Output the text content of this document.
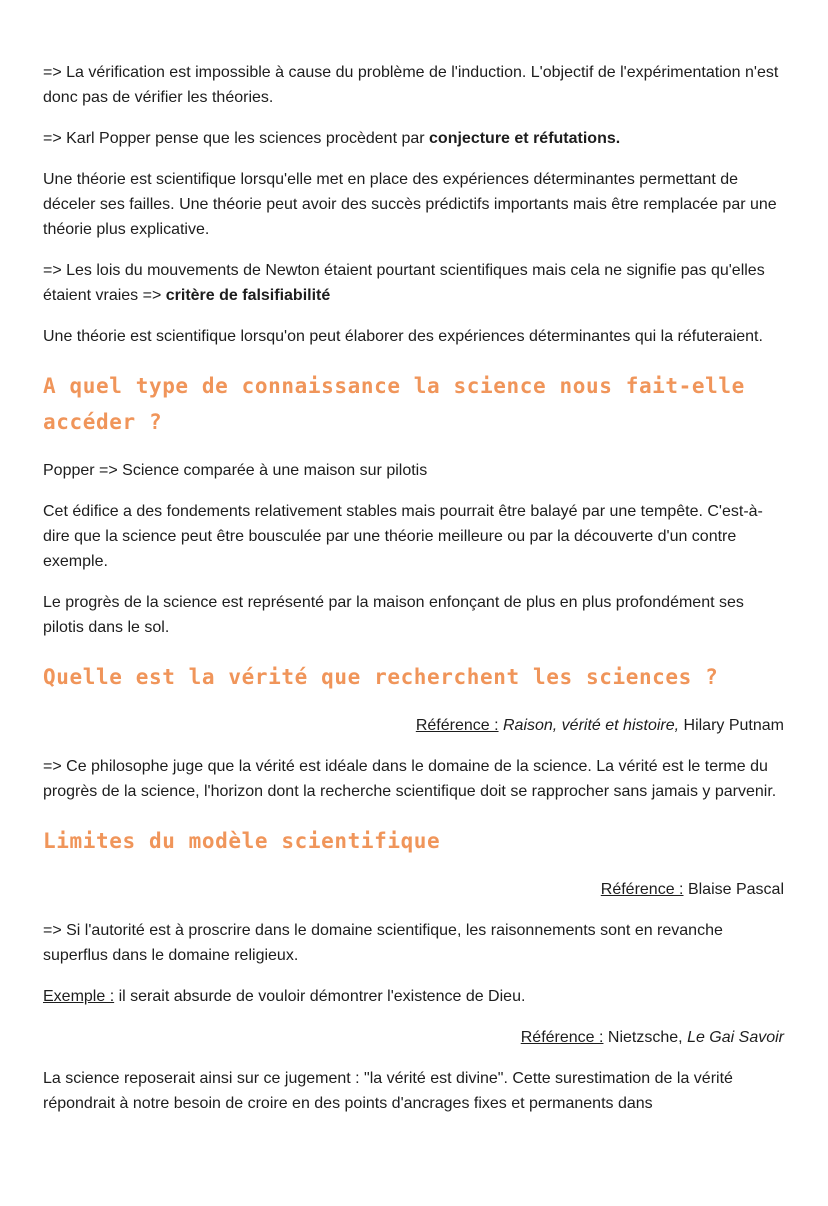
=> La vérification est impossible à cause du problème de l'induction. L'objectif de l'expérimentation n'est donc pas de vérifier les théories.

=> Karl Popper pense que les sciences procèdent par conjecture et réfutations.

Une théorie est scientifique lorsqu'elle met en place des expériences déterminantes permettant de déceler ses failles. Une théorie peut avoir des succès prédictifs importants mais être remplacée par une théorie plus explicative.

=> Les lois du mouvements de Newton étaient pourtant scientifiques mais cela ne signifie pas qu'elles étaient vraies => critère de falsifiabilité

Une théorie est scientifique lorsqu'on peut élaborer des expériences déterminantes qui la réfuteraient.

A quel type de connaissance la science nous fait-elle accéder ?

Popper => Science comparée à une maison sur pilotis

Cet édifice a des fondements relativement stables mais pourrait être balayé par une tempête. C'est-à-dire que la science peut être bousculée par une théorie meilleure ou par la découverte d'un contre exemple.

Le progrès de la science est représenté par la maison enfonçant de plus en plus profondément ses pilotis dans le sol.

Quelle est la vérité que recherchent les sciences ?

Référence : Raison, vérité et histoire, Hilary Putnam

=> Ce philosophe juge que la vérité est idéale dans le domaine de la science. La vérité est le terme du progrès de la science, l'horizon dont la recherche scientifique doit se rapprocher sans jamais y parvenir.

Limites du modèle scientifique

Référence : Blaise Pascal

=> Si l'autorité est à proscrire dans le domaine scientifique, les raisonnements sont en revanche superflus dans le domaine religieux.

Exemple : il serait absurde de vouloir démontrer l'existence de Dieu.

Référence : Nietzsche, Le Gai Savoir

La science reposerait ainsi sur ce jugement : "la vérité est divine". Cette surestimation de la vérité répondrait à notre besoin de croire en des points d'ancrages fixes et permanents dans
